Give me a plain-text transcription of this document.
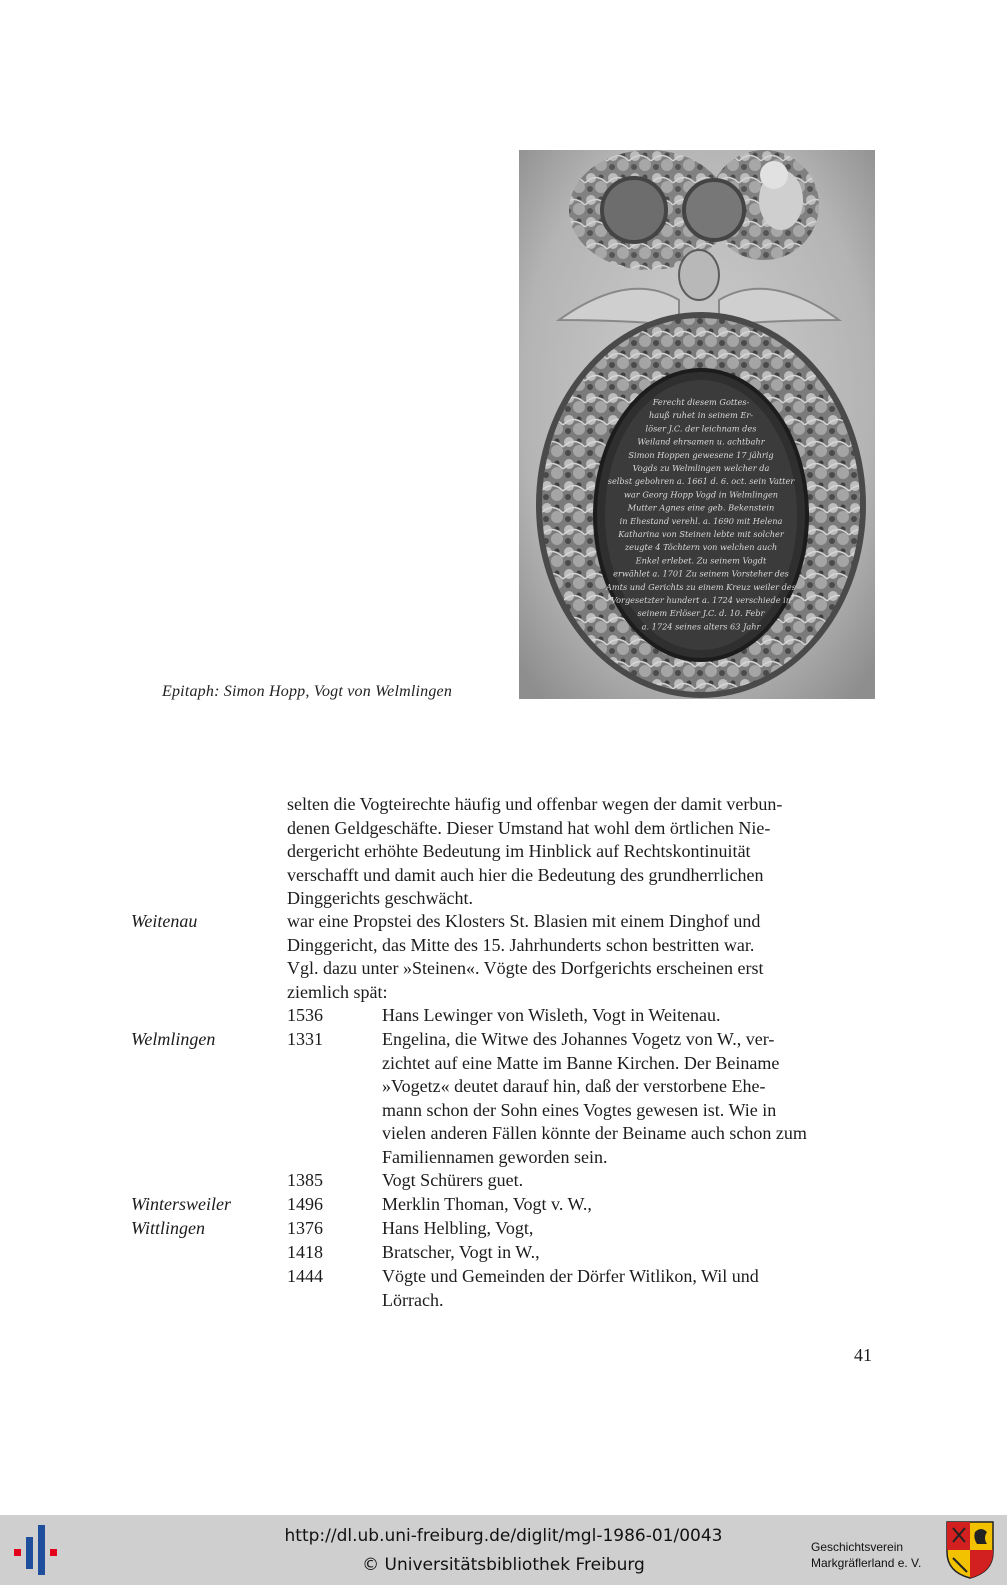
Ferecht diesem Gottes-
hauß ruhet in seinem Er-
löser J.C. der leichnam des
Weiland ehrsamen u. achtbahr
Simon Hoppen gewesene 17 jährig
Vogds zu Welmlingen welcher da
selbst gebohren a. 1661 d. 6. oct. sein Vatter
war Georg Hopp Vogd in Welmlingen
Mutter Agnes eine geb. Bekenstein
in Ehestand verehl. a. 1690 mit Helena
Katharina von Steinen lebte mit solcher
zeugte 4 Töchtern von welchen auch
Enkel erlebet. Zu seinem Vogdt
erwählet a. 1701 Zu seinem Vorsteher des
Amts und Gerichts zu einem Kreuz weiler des
Vorgesetzter hundert a. 1724 verschiede in
seinem Erlöser J.C. d. 10. Febr
a. 1724 seines alters 63 Jahr
Epitaph: Simon Hopp, Vogt von Welmlingen
selten die Vogteirechte häufig und offenbar wegen der damit verbun-
denen Geldgeschäfte. Dieser Umstand hat wohl dem örtlichen Nie-
dergericht erhöhte Bedeutung im Hinblick auf Rechtskontinuität
verschafft und damit auch hier die Bedeutung des grundherrlichen
Dinggerichts geschwächt.
Weitenau	war eine Propstei des Klosters St. Blasien mit einem Dinghof und
Dinggericht, das Mitte des 15. Jahrhunderts schon bestritten war.
Vgl. dazu unter »Steinen«. Vögte des Dorfgerichts erscheinen erst
ziemlich spät:
1536	Hans Lewinger von Wisleth, Vogt in Weitenau.
Welmlingen	1331	Engelina, die Witwe des Johannes Vogetz von W., ver-
zichtet auf eine Matte im Banne Kirchen. Der Beiname
»Vogetz« deutet darauf hin, daß der verstorbene Ehe-
mann schon der Sohn eines Vogtes gewesen ist. Wie in
vielen anderen Fällen könnte der Beiname auch schon zum
Familiennamen geworden sein.
1385	Vogt Schürers guet.
Wintersweiler	1496	Merklin Thoman, Vogt v. W.,
Wittlingen	1376	Hans Helbling, Vogt,
1418	Bratscher, Vogt in W.,
1444	Vögte und Gemeinden der Dörfer Witlikon, Wil und
Lörrach.
41
http://dl.ub.uni-freiburg.de/diglit/mgl-1986-01/0043
© Universitätsbibliothek Freiburg
Geschichtsverein
Markgräflerland e. V.
